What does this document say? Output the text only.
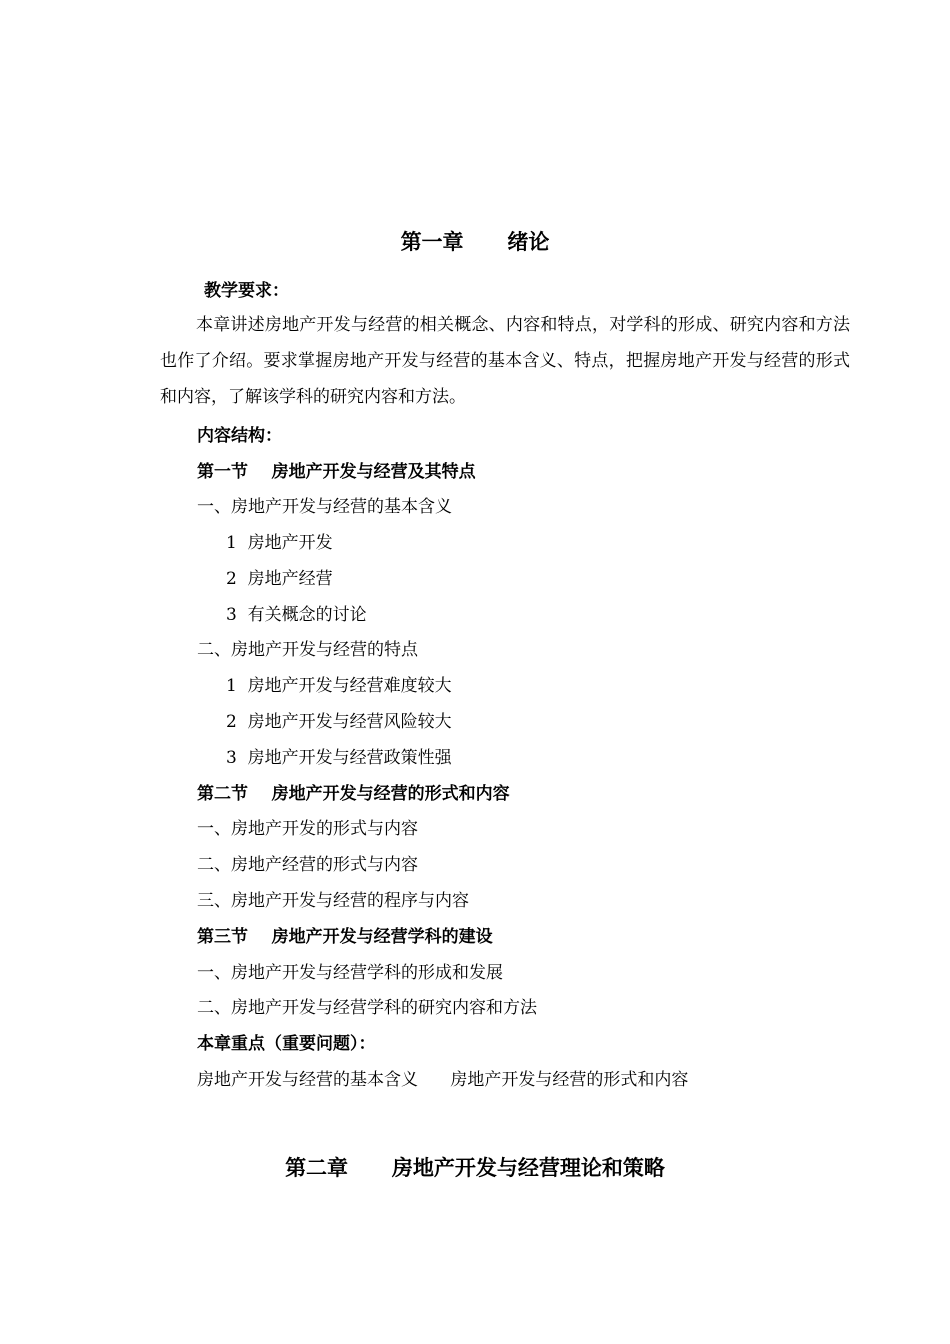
第一章      绪论
教学要求：
本章讲述房地产开发与经营的相关概念、内容和特点，对学科的形成、研究内容和方法也作了介绍。要求掌握房地产开发与经营的基本含义、特点，把握房地产开发与经营的形式和内容，了解该学科的研究内容和方法。
内容结构：
第一节    房地产开发与经营及其特点
一、房地产开发与经营的基本含义
1  房地产开发
2  房地产经营
3  有关概念的讨论
二、房地产开发与经营的特点
1  房地产开发与经营难度较大
2  房地产开发与经营风险较大
3  房地产开发与经营政策性强
第二节    房地产开发与经营的形式和内容
一、房地产开发的形式与内容
二、房地产经营的形式与内容
三、房地产开发与经营的程序与内容
第三节    房地产开发与经营学科的建设
一、房地产开发与经营学科的形成和发展
二、房地产开发与经营学科的研究内容和方法
本章重点（重要问题）：
房地产开发与经营的基本含义      房地产开发与经营的形式和内容
第二章      房地产开发与经营理论和策略
